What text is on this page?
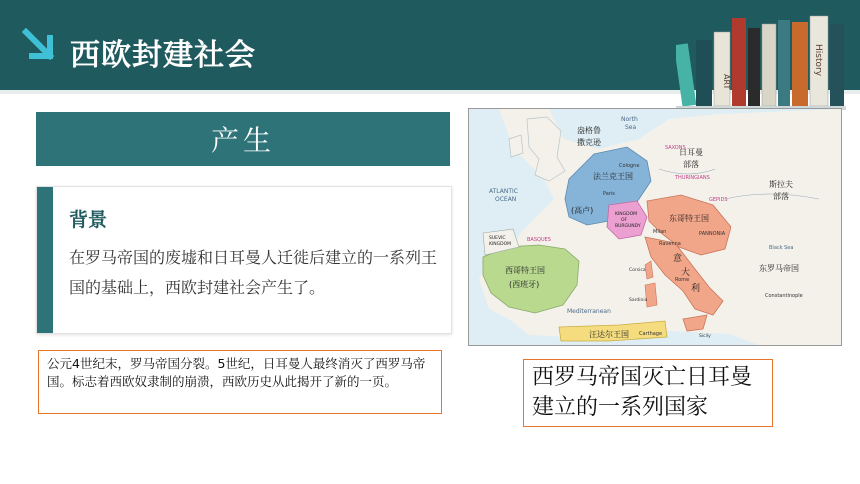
西欧封建社会
ART
History
产生
背景
在罗马帝国的废墟和日耳曼人迁徙后建立的一系列王国的基础上，西欧封建社会产生了。
公元4世纪末，罗马帝国分裂。5世纪，日耳曼人最终消灭了西罗马帝国。标志着西欧奴隶制的崩溃，西欧历史从此揭开了新的一页。
盎格鲁
撒克逊
North
Sea
日耳曼
部落
SAXONS
THURINGIANS
GEPIDS
斯拉夫
部落
ATLANTIC
OCEAN
法兰克王国
Cologne
Paris
(高卢)	KINGDOM
OF
BURGUNDY
东哥特王国
PANNONIA
Milan
Ravenna
意
大
利
Rome
东罗马帝国
Constantinople
Black Sea
SUEVIC
KINGDOM
BASQUES
西哥特王国
(西班牙)
Corsica
Sardinia
Sicily
Mediterranean
汪达尔王国 Carthage
西罗马帝国灭亡日耳曼建立的一系列国家
